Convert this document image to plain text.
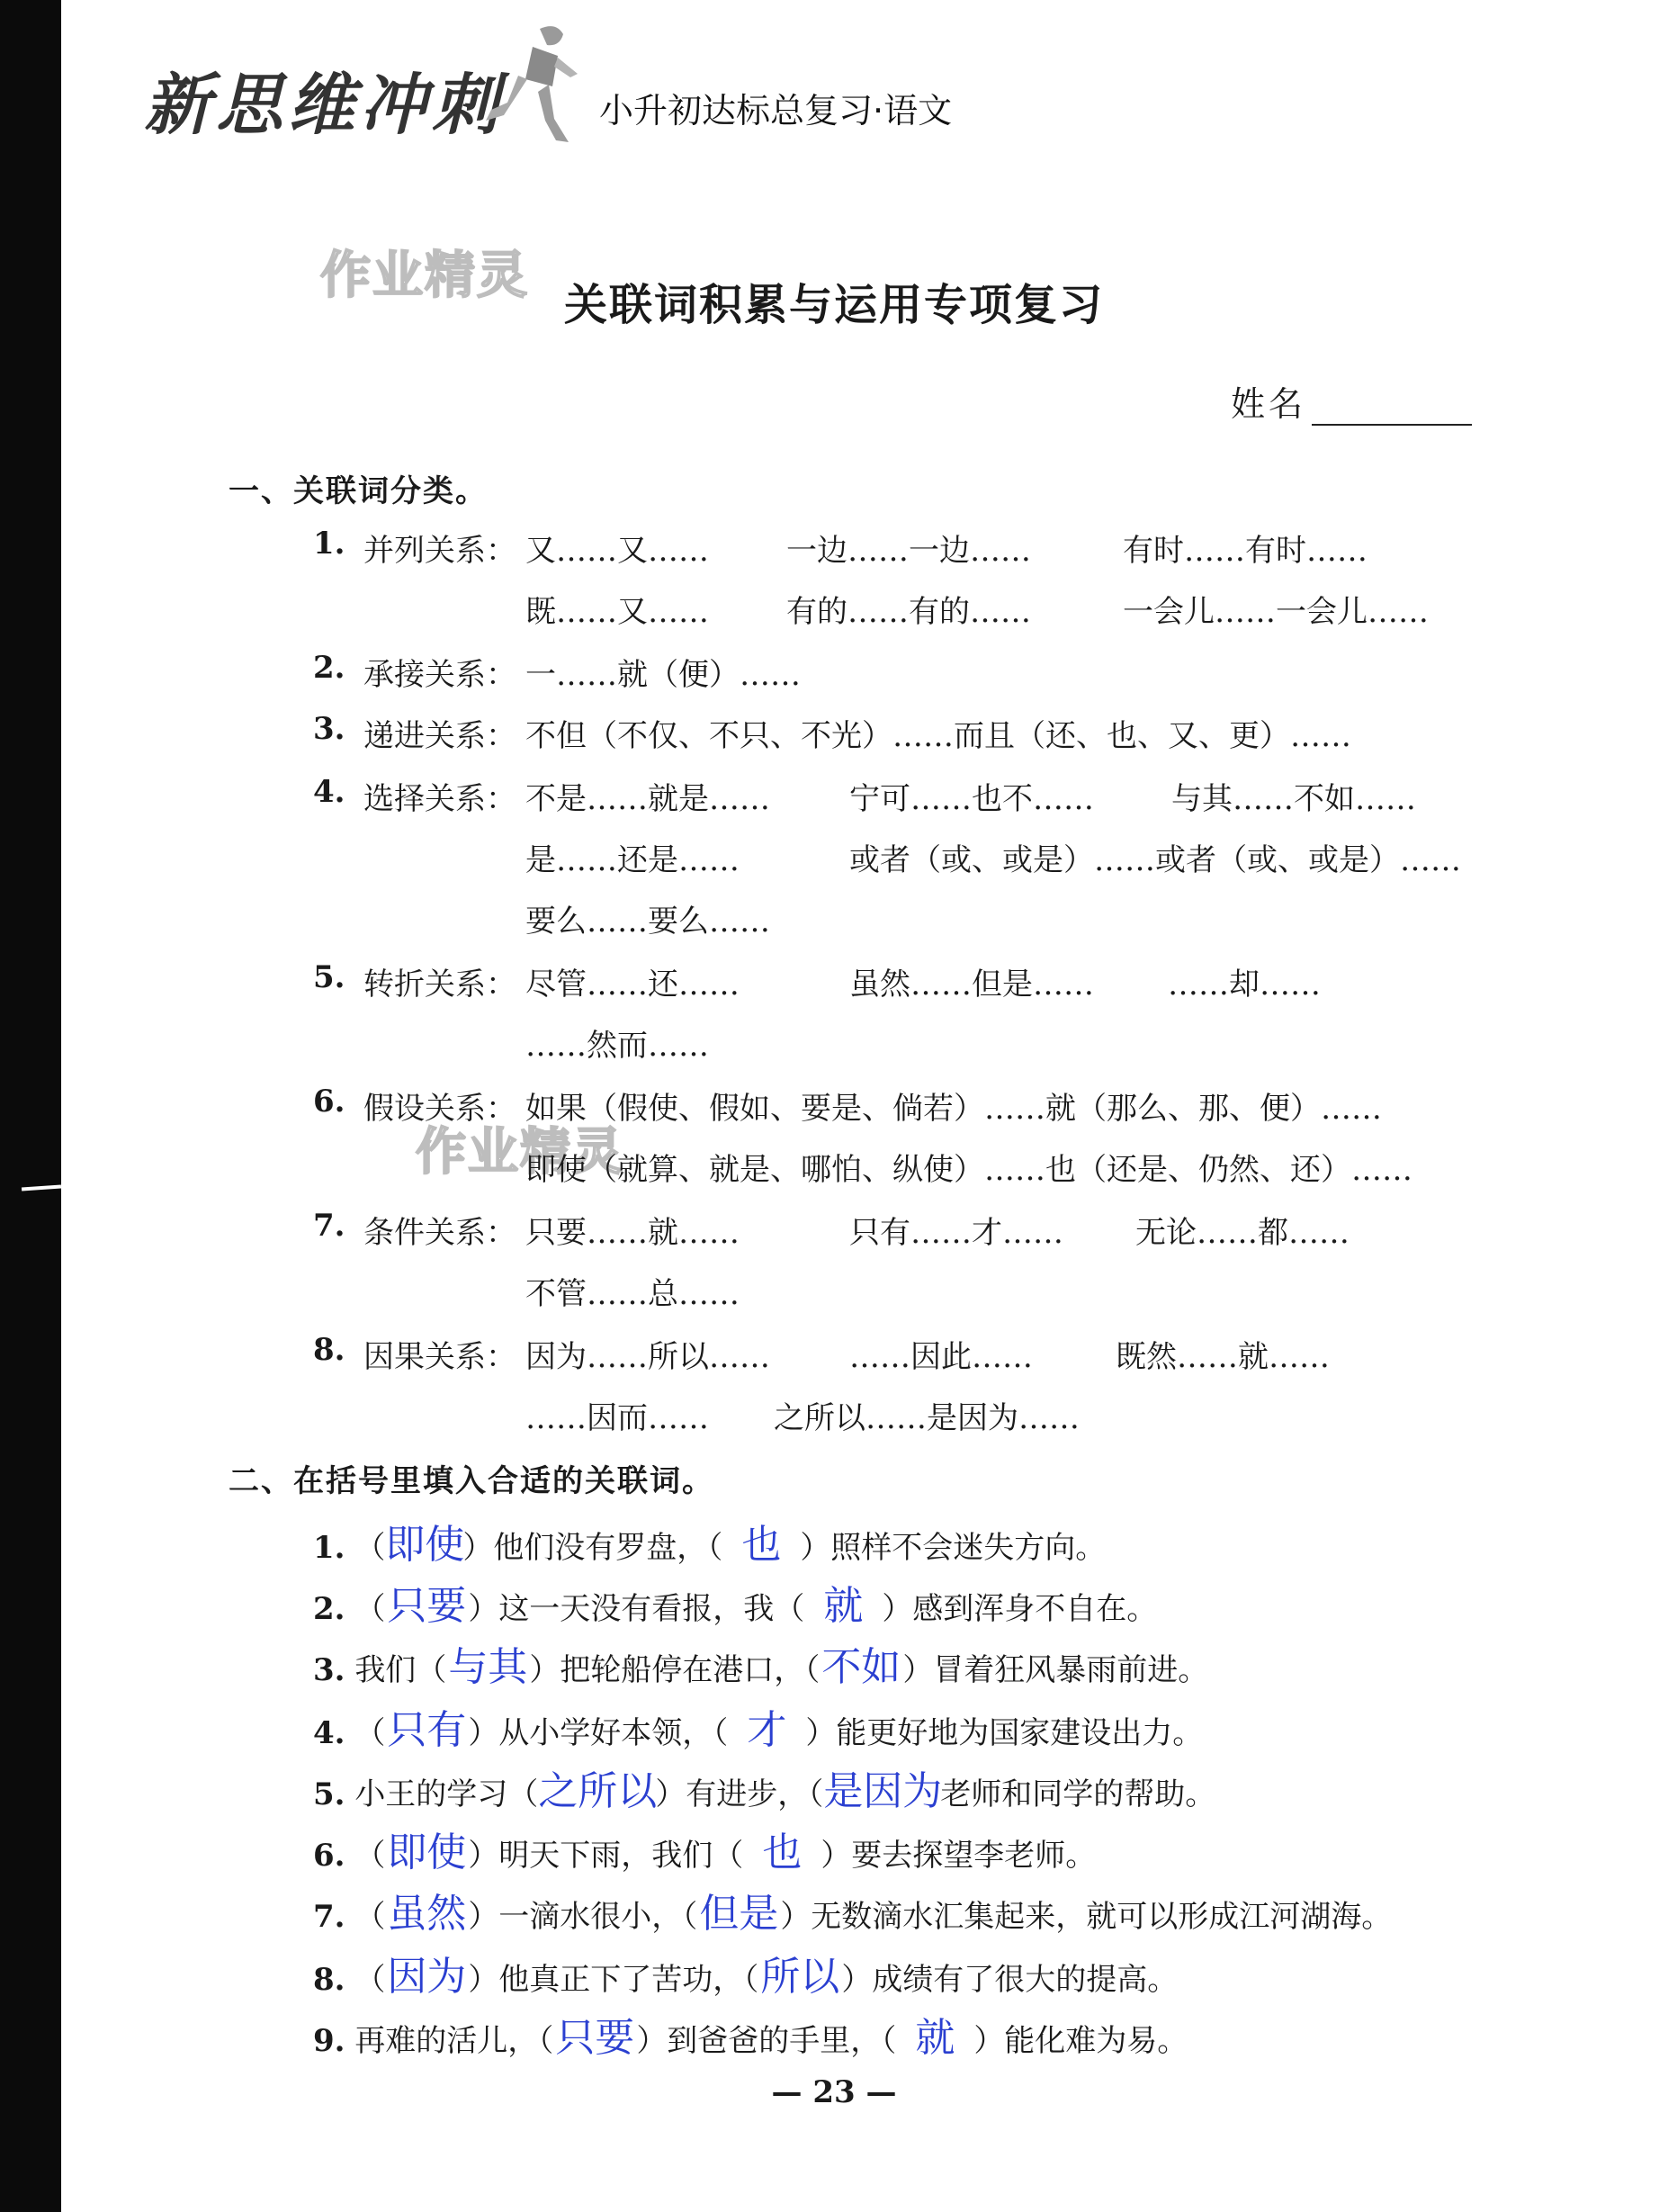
新思维冲刺	小升初达标总复习·语文
作业精灵
作业精灵
关联词积累与运用专项复习
姓名
一、关联词分类。
1. 并列关系： 又……又……	一边……一边……	有时……有时……
既……又……	有的……有的……	一会儿……一会儿……
2. 承接关系： 一……就（便）……
3. 递进关系： 不但（不仅、不只、不光）……而且（还、也、又、更）……
4. 选择关系： 不是……就是……	宁可……也不……	与其……不如……
是……还是……	或者（或、或是）……或者（或、或是）……
要么……要么……
5. 转折关系： 尽管……还……	虽然……但是…… ……却……
……然而……
6. 假设关系： 如果（假使、假如、要是、倘若）……就（那么、那、便）……
即使（就算、就是、哪怕、纵使）……也（还是、仍然、还）……
7. 条件关系： 只要……就……	只有……才…… 无论……都……
不管……总……
8. 因果关系： 因为……所以……	……因此……	既然……就……
……因而…… 之所以……是因为……
二、在括号里填入合适的关联词。
1. （即使）他们没有罗盘，（ 也 ）照样不会迷失方向。
2. （只要）这一天没有看报，我（ 就 ）感到浑身不自在。
3. 我们（与其）把轮船停在港口，（不如）冒着狂风暴雨前进。
4. （只有）从小学好本领，（ 才 ）能更好地为国家建设出力。
5. 小王的学习（之所以）有进步，（是因为老师和同学的帮助。
6. （即使）明天下雨，我们（ 也 ）要去探望李老师。
7. （虽然）一滴水很小，（但是）无数滴水汇集起来，就可以形成江河湖海。
8. （因为）他真正下了苦功，（所以）成绩有了很大的提高。
9. 再难的活儿，（只要）到爸爸的手里，（ 就 ）能化难为易。
— 23 —
